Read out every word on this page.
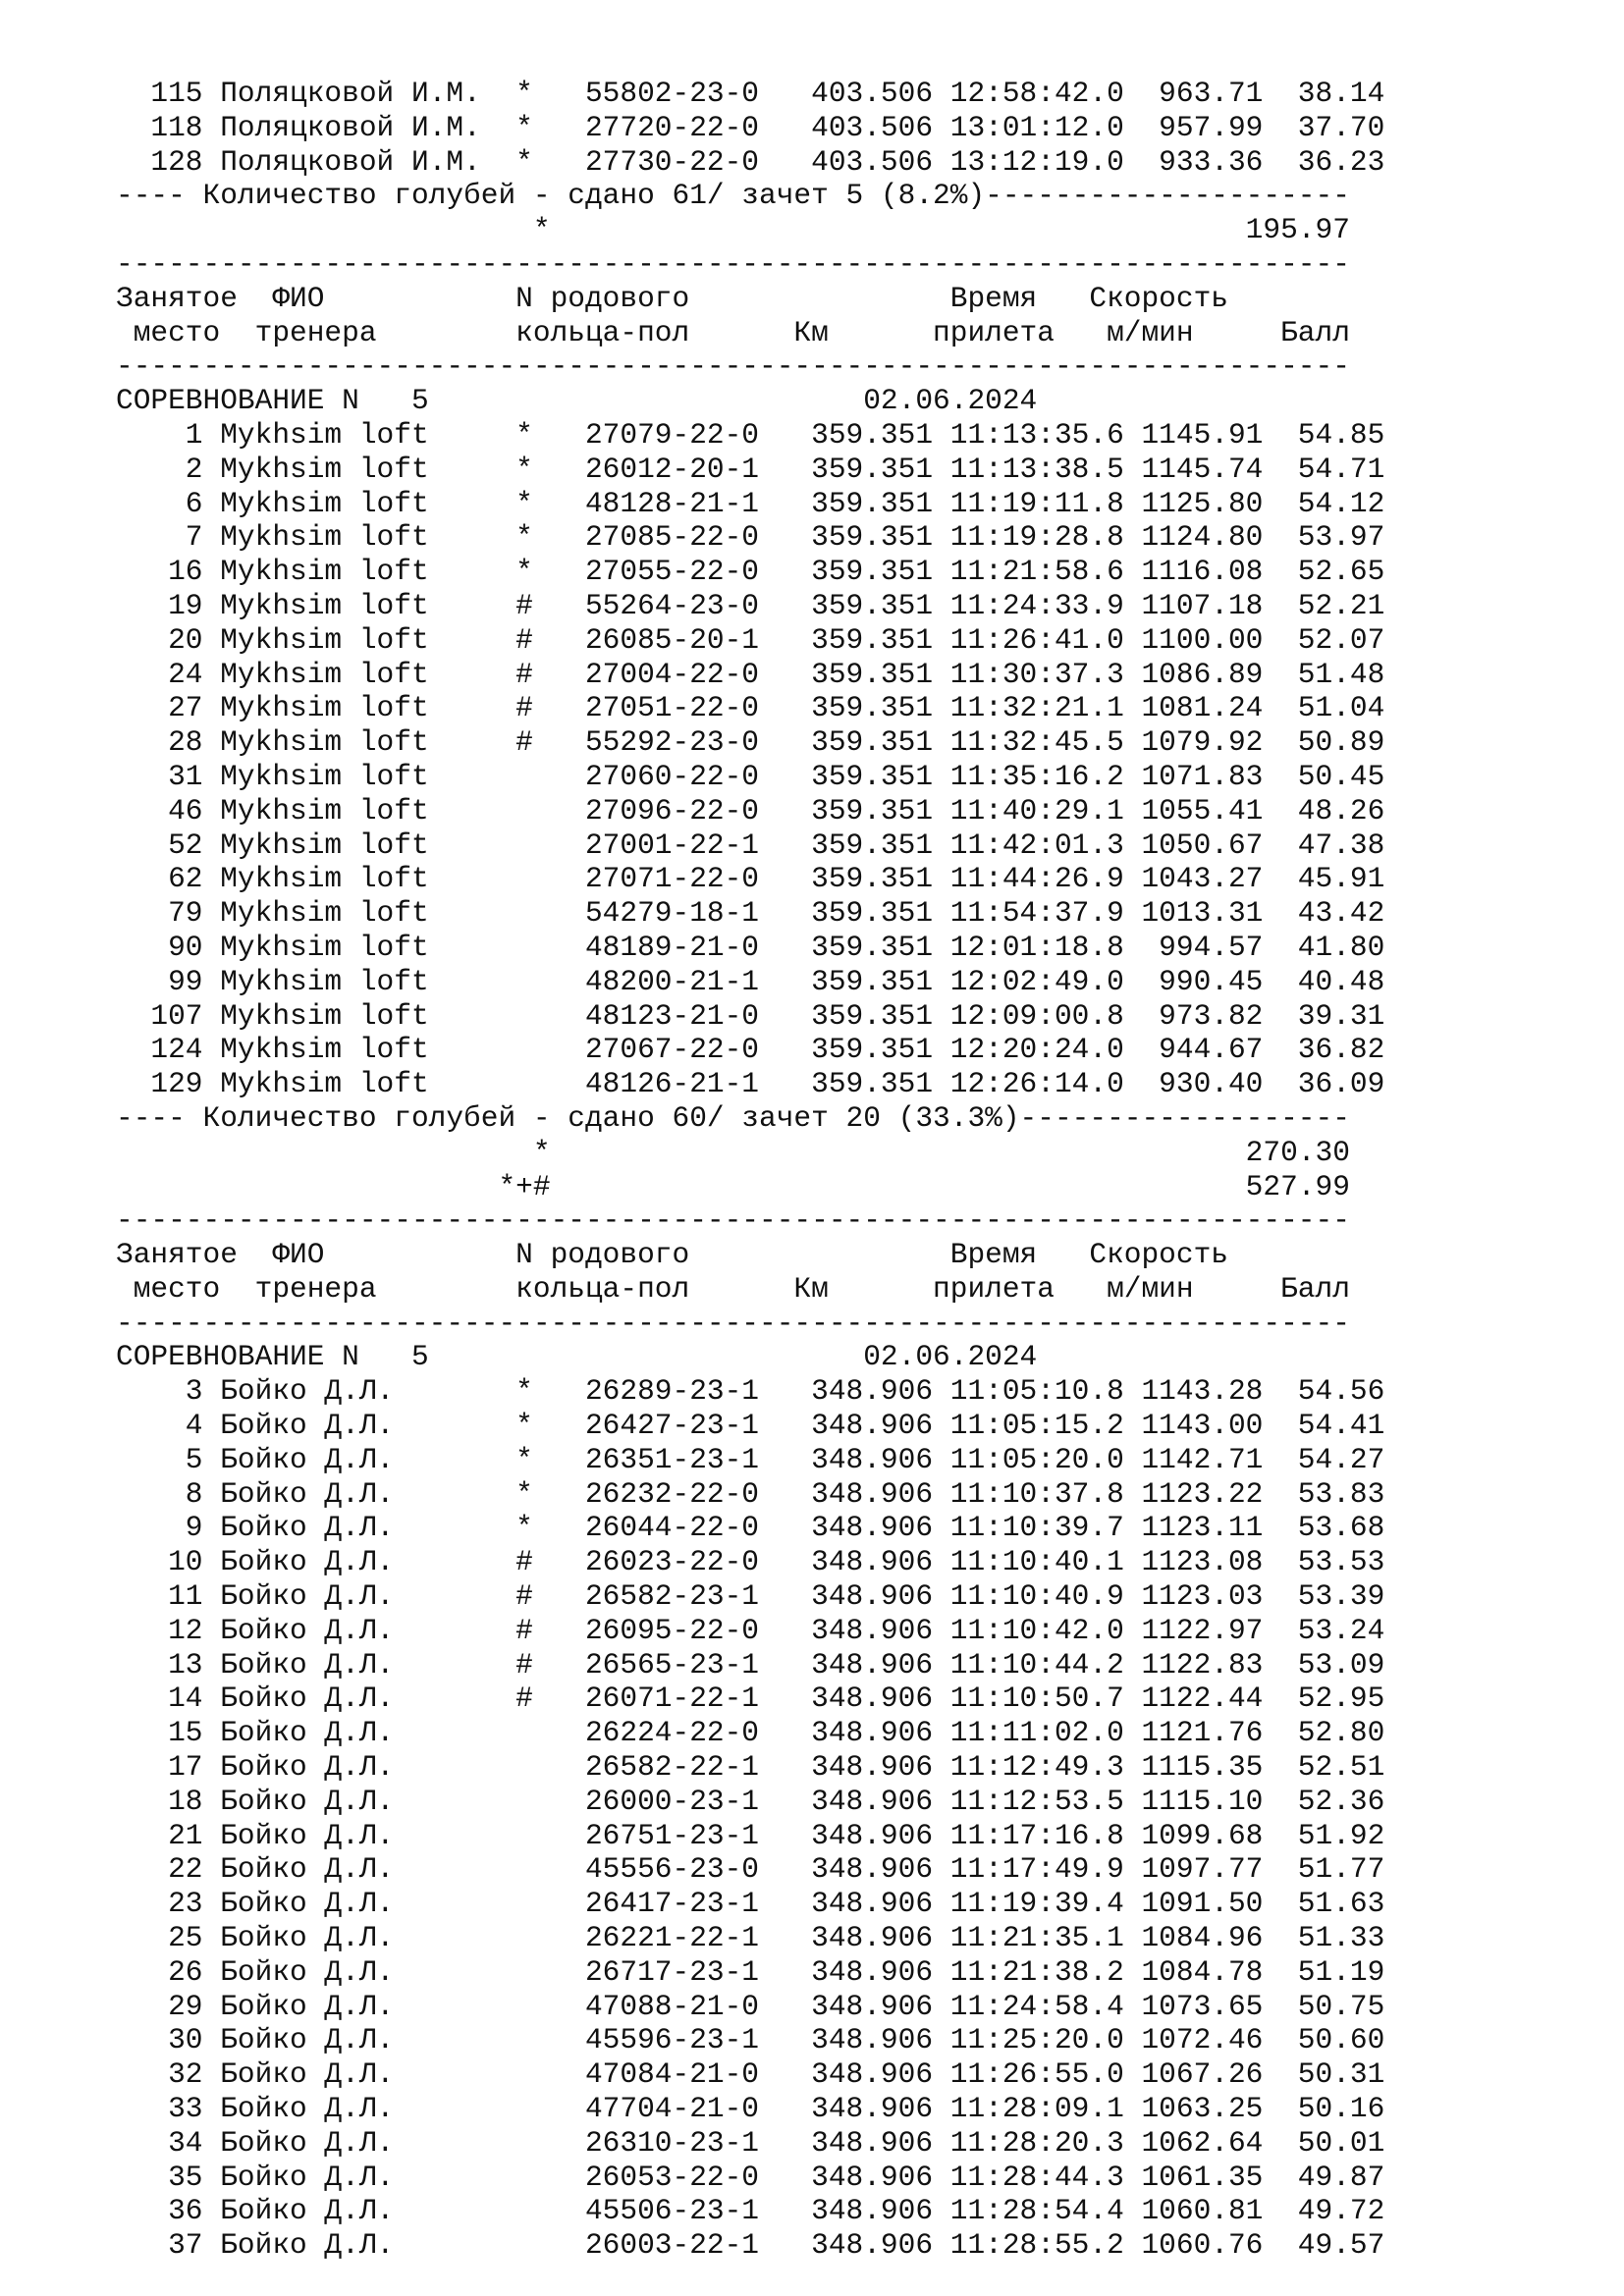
115 Поляцковой И.М.  *   55802-23-0   403.506 12:58:42.0  963.71  38.14
118 Поляцковой И.М.  *   27720-22-0   403.506 13:01:12.0  957.99  37.70
128 Поляцковой И.М.  *   27730-22-0   403.506 13:12:19.0  933.36  36.23
---- Количество голубей - сдано 61/ зачет 5 (8.2%)---------------------
*                                        195.97
-----------------------------------------------------------------------
Занятое  ФИО           N родового               Время   Скорость
место  тренера        кольца-пол      Км      прилета   м/мин     Балл
-----------------------------------------------------------------------
СОРЕВНОВАНИЕ N   5                         02.06.2024
1 Mykhsim loft     *   27079-22-0   359.351 11:13:35.6 1145.91  54.85
2 Mykhsim loft     *   26012-20-1   359.351 11:13:38.5 1145.74  54.71
6 Mykhsim loft     *   48128-21-1   359.351 11:19:11.8 1125.80  54.12
7 Mykhsim loft     *   27085-22-0   359.351 11:19:28.8 1124.80  53.97
16 Mykhsim loft     *   27055-22-0   359.351 11:21:58.6 1116.08  52.65
19 Mykhsim loft     #   55264-23-0   359.351 11:24:33.9 1107.18  52.21
20 Mykhsim loft     #   26085-20-1   359.351 11:26:41.0 1100.00  52.07
24 Mykhsim loft     #   27004-22-0   359.351 11:30:37.3 1086.89  51.48
27 Mykhsim loft     #   27051-22-0   359.351 11:32:21.1 1081.24  51.04
28 Mykhsim loft     #   55292-23-0   359.351 11:32:45.5 1079.92  50.89
31 Mykhsim loft         27060-22-0   359.351 11:35:16.2 1071.83  50.45
46 Mykhsim loft         27096-22-0   359.351 11:40:29.1 1055.41  48.26
52 Mykhsim loft         27001-22-1   359.351 11:42:01.3 1050.67  47.38
62 Mykhsim loft         27071-22-0   359.351 11:44:26.9 1043.27  45.91
79 Mykhsim loft         54279-18-1   359.351 11:54:37.9 1013.31  43.42
90 Mykhsim loft         48189-21-0   359.351 12:01:18.8  994.57  41.80
99 Mykhsim loft         48200-21-1   359.351 12:02:49.0  990.45  40.48
107 Mykhsim loft         48123-21-0   359.351 12:09:00.8  973.82  39.31
124 Mykhsim loft         27067-22-0   359.351 12:20:24.0  944.67  36.82
129 Mykhsim loft         48126-21-1   359.351 12:26:14.0  930.40  36.09
---- Количество голубей - сдано 60/ зачет 20 (33.3%)-------------------
*                                        270.30
*+#                                        527.99
-----------------------------------------------------------------------
Занятое  ФИО           N родового               Время   Скорость
место  тренера        кольца-пол      Км      прилета   м/мин     Балл
-----------------------------------------------------------------------
СОРЕВНОВАНИЕ N   5                         02.06.2024
3 Бойко Д.Л.       *   26289-23-1   348.906 11:05:10.8 1143.28  54.56
4 Бойко Д.Л.       *   26427-23-1   348.906 11:05:15.2 1143.00  54.41
5 Бойко Д.Л.       *   26351-23-1   348.906 11:05:20.0 1142.71  54.27
8 Бойко Д.Л.       *   26232-22-0   348.906 11:10:37.8 1123.22  53.83
9 Бойко Д.Л.       *   26044-22-0   348.906 11:10:39.7 1123.11  53.68
10 Бойко Д.Л.       #   26023-22-0   348.906 11:10:40.1 1123.08  53.53
11 Бойко Д.Л.       #   26582-23-1   348.906 11:10:40.9 1123.03  53.39
12 Бойко Д.Л.       #   26095-22-0   348.906 11:10:42.0 1122.97  53.24
13 Бойко Д.Л.       #   26565-23-1   348.906 11:10:44.2 1122.83  53.09
14 Бойко Д.Л.       #   26071-22-1   348.906 11:10:50.7 1122.44  52.95
15 Бойко Д.Л.           26224-22-0   348.906 11:11:02.0 1121.76  52.80
17 Бойко Д.Л.           26582-22-1   348.906 11:12:49.3 1115.35  52.51
18 Бойко Д.Л.           26000-23-1   348.906 11:12:53.5 1115.10  52.36
21 Бойко Д.Л.           26751-23-1   348.906 11:17:16.8 1099.68  51.92
22 Бойко Д.Л.           45556-23-0   348.906 11:17:49.9 1097.77  51.77
23 Бойко Д.Л.           26417-23-1   348.906 11:19:39.4 1091.50  51.63
25 Бойко Д.Л.           26221-22-1   348.906 11:21:35.1 1084.96  51.33
26 Бойко Д.Л.           26717-23-1   348.906 11:21:38.2 1084.78  51.19
29 Бойко Д.Л.           47088-21-0   348.906 11:24:58.4 1073.65  50.75
30 Бойко Д.Л.           45596-23-1   348.906 11:25:20.0 1072.46  50.60
32 Бойко Д.Л.           47084-21-0   348.906 11:26:55.0 1067.26  50.31
33 Бойко Д.Л.           47704-21-0   348.906 11:28:09.1 1063.25  50.16
34 Бойко Д.Л.           26310-23-1   348.906 11:28:20.3 1062.64  50.01
35 Бойко Д.Л.           26053-22-0   348.906 11:28:44.3 1061.35  49.87
36 Бойко Д.Л.           45506-23-1   348.906 11:28:54.4 1060.81  49.72
37 Бойко Д.Л.           26003-22-1   348.906 11:28:55.2 1060.76  49.57
